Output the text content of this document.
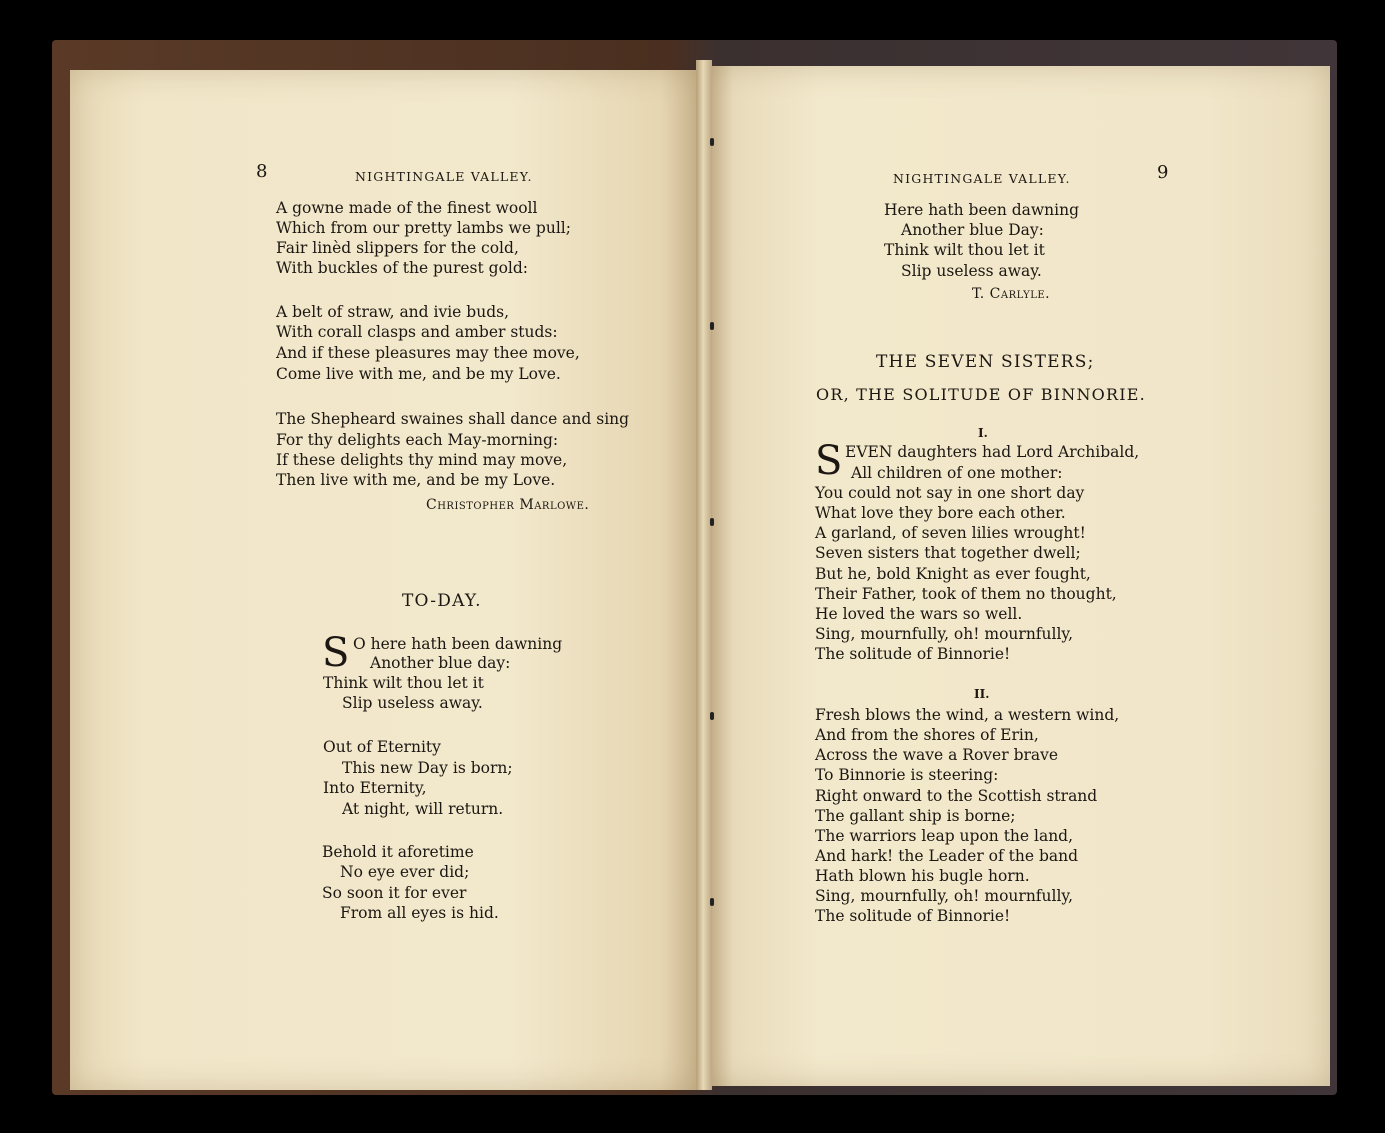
8	NIGHTINGALE VALLEY.
A gowne made of the finest wooll
Which from our pretty lambs we pull;
Fair linèd slippers for the cold,
With buckles of the purest gold:
A belt of straw, and ivie buds,
With corall clasps and amber studs:
And if these pleasures may thee move,
Come live with me, and be my Love.
The Shepheard swaines shall dance and sing
For thy delights each May-morning:
If these delights thy mind may move,
Then live with me, and be my Love.
Christopher Marlowe.
TO-DAY.
S O here hath been dawning
Another blue day:
Think wilt thou let it
Slip useless away.
Out of Eternity
This new Day is born;
Into Eternity,
At night, will return.
Behold it aforetime
No eye ever did;
So soon it for ever
From all eyes is hid.
NIGHTINGALE VALLEY.	9
Here hath been dawning
Another blue Day:
Think wilt thou let it
Slip useless away.
T. Carlyle.
THE SEVEN SISTERS;
OR, THE SOLITUDE OF BINNORIE.
I.
S EVEN daughters had Lord Archibald,
All children of one mother:
You could not say in one short day
What love they bore each other.
A garland, of seven lilies wrought!
Seven sisters that together dwell;
But he, bold Knight as ever fought,
Their Father, took of them no thought,
He loved the wars so well.
Sing, mournfully, oh! mournfully,
The solitude of Binnorie!
II.
Fresh blows the wind, a western wind,
And from the shores of Erin,
Across the wave a Rover brave
To Binnorie is steering:
Right onward to the Scottish strand
The gallant ship is borne;
The warriors leap upon the land,
And hark! the Leader of the band
Hath blown his bugle horn.
Sing, mournfully, oh! mournfully,
The solitude of Binnorie!
